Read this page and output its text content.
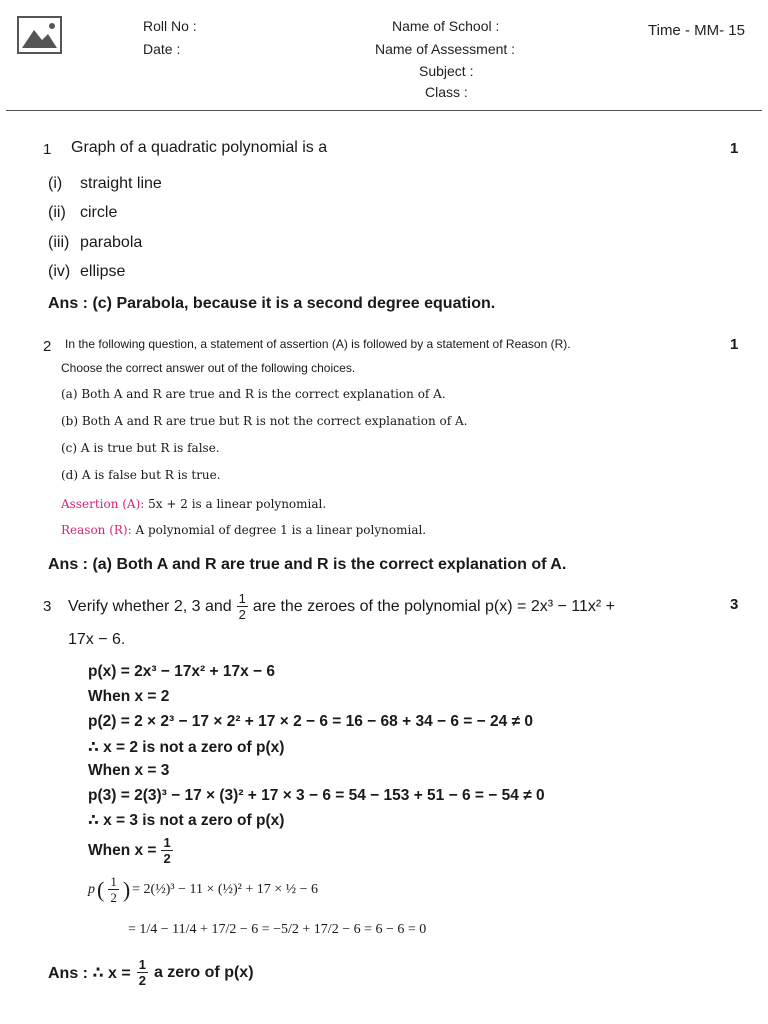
Roll No :
Date :
Name of School :
Name of Assessment :
Subject :
Class :
Time - MM- 15
1 Graph of a quadratic polynomial is a	1
(i) straight line
(ii) circle
(iii) parabola
(iv) ellipse
Ans : (c) Parabola, because it is a second degree equation.
2	1
In the following question, a statement of assertion (A) is followed by a statement of Reason (R).
Choose the correct answer out of the following choices.
(a) Both A and R are true and R is the correct explanation of A.
(b) Both A and R are true but R is not the correct explanation of A.
(c) A is true but R is false.
(d) A is false but R is true.
Assertion (A): 5x + 2 is a linear polynomial.
Reason (R): A polynomial of degree 1 is a linear polynomial.
Ans : (a) Both A and R are true and R is the correct explanation of A.
3	3
Verify whether 2, 3 and $\frac{1}{2}$ are the zeroes of the polynomial p(x) = 2x³ − 11x² +
17x − 6.
p(x) = 2x³ − 17x² + 17x − 6
When x = 2
p(2) = 2 × 2³ − 17 × 2² + 17 × 2 − 6 = 16 − 68 + 34 − 6 = − 24 ≠ 0
∴ x = 2 is not a zero of p(x)
When x = 3
p(3) = 2(3)³ − 17 × (3)² + 17 × 3 − 6 = 54 − 153 + 51 − 6 = − 54 ≠ 0
∴ x = 3 is not a zero of p(x)
When $x = \frac{1}{2}$
p ( $\frac{1}{2}$ ) = 2(½)³ − 11 × (½)² + 17 × ½ − 6
= 1/4 − 11/4 + 17/2 − 6 = −5/2 + 17/2 − 6 = 6 − 6 = 0
Ans : ∴ $x = \frac{1}{2}$ a zero of p(x)
